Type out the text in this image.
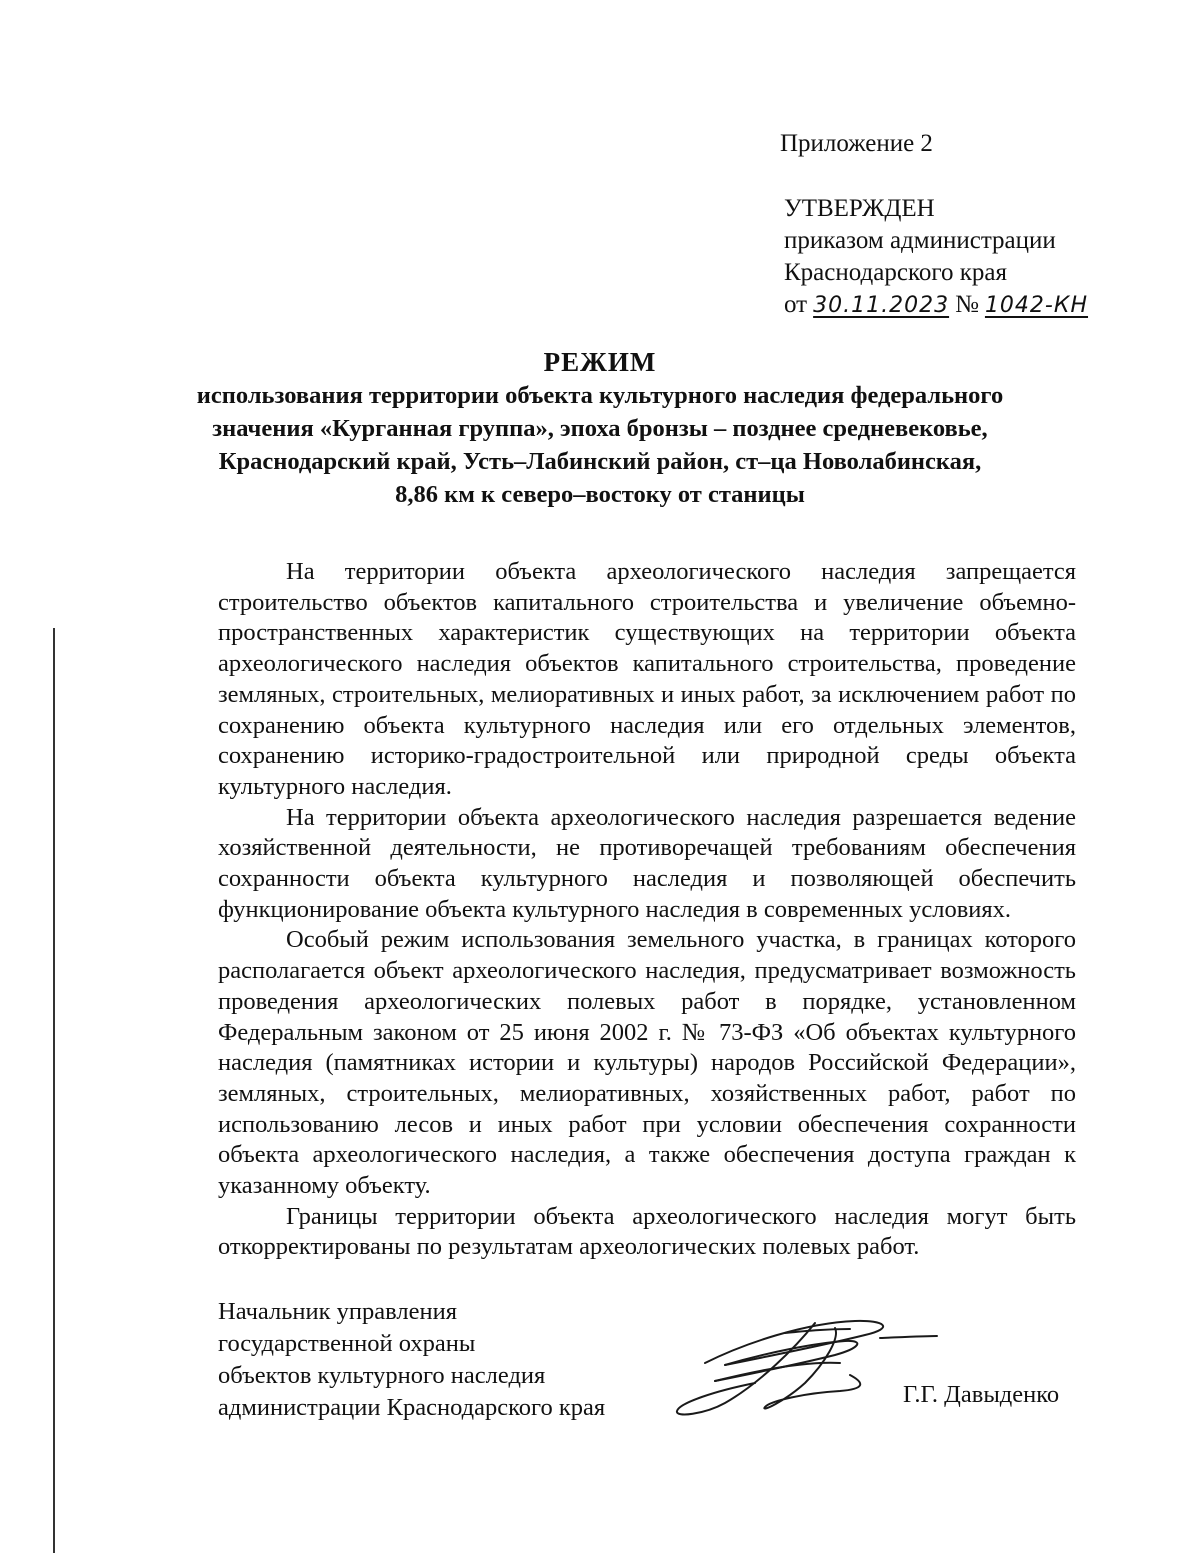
Приложение 2
УТВЕРЖДЕН
приказом администрации
Краснодарского края
от 30.11.2023 № 1042-КН
РЕЖИМ
использования территории объекта культурного наследия федерального
значения «Курганная группа», эпоха бронзы – позднее средневековье,
Краснодарский край, Усть–Лабинский район, ст–ца Новолабинская,
8,86 км к северо–востоку от станицы

На территории объекта археологического наследия запрещается строительство объектов капитального строительства и увеличение объемно-пространственных характеристик существующих на территории объекта археологического наследия объектов капитального строительства, проведение земляных, строительных, мелиоративных и иных работ, за исключением работ по сохранению объекта культурного наследия или его отдельных элементов, сохранению историко-градостроительной или природной среды объекта культурного наследия.

На территории объекта археологического наследия разрешается ведение хозяйственной деятельности, не противоречащей требованиям обеспечения сохранности объекта культурного наследия и позволяющей обеспечить функционирование объекта культурного наследия в современных условиях.

Особый режим использования земельного участка, в границах которого располагается объект археологического наследия, предусматривает возможность проведения археологических полевых работ в порядке, установленном Федеральным законом от 25 июня 2002 г. № 73-ФЗ «Об объектах культурного наследия (памятниках истории и культуры) народов Российской Федерации», земляных, строительных, мелиоративных, хозяйственных работ, работ по использованию лесов и иных работ при условии обеспечения сохранности объекта археологического наследия, а также обеспечения доступа граждан к указанному объекту.

Границы территории объекта археологического наследия могут быть откорректированы по результатам археологических полевых работ.

Начальник управления
государственной охраны
объектов культурного наследия
администрации Краснодарского края	Г.Г. Давыденко
